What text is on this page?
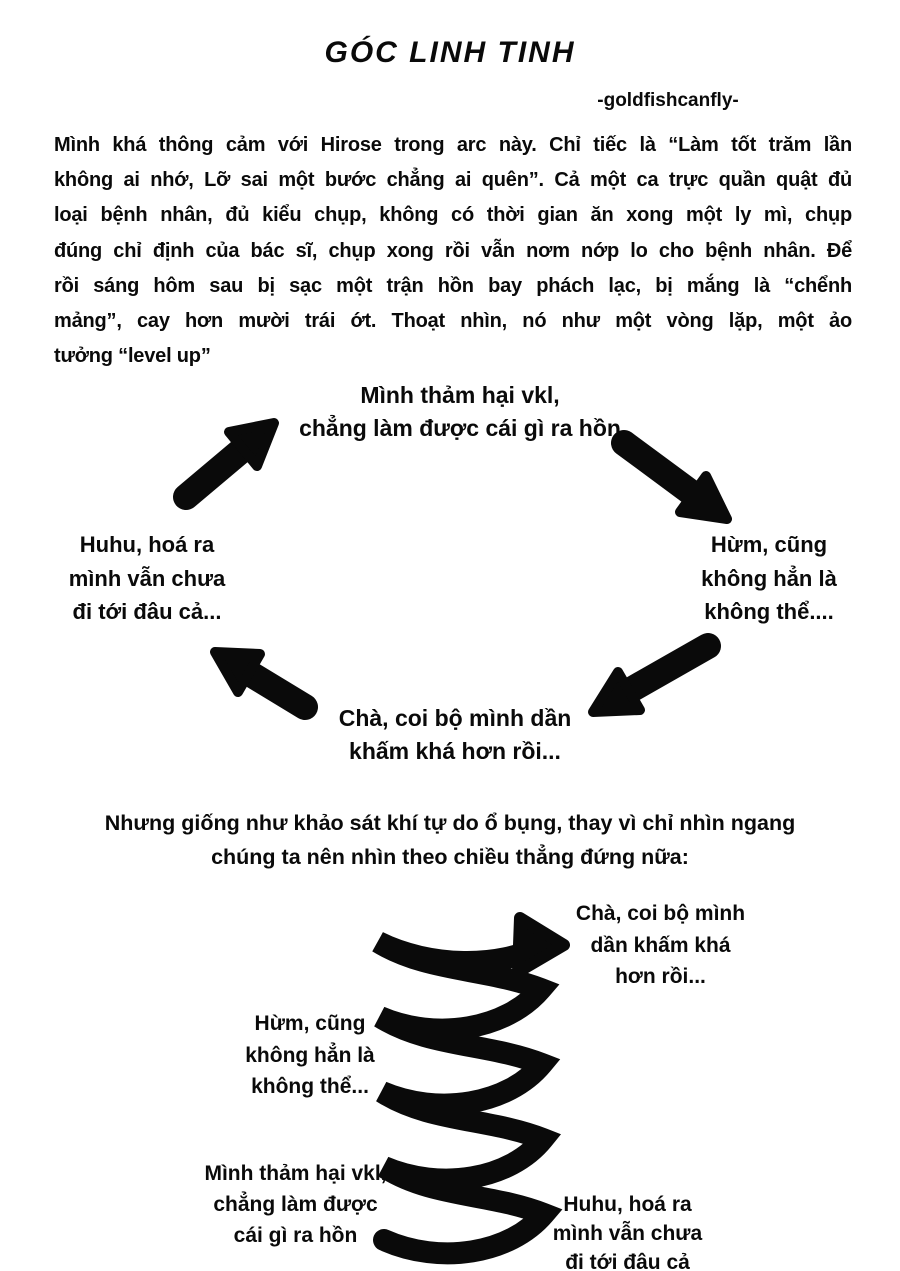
GÓC LINH TINH
-goldfishcanfly-
Mình khá thông cảm với Hirose trong arc này. Chỉ tiếc là “Làm tốt trăm lần
không ai nhớ, Lỡ sai một bước chẳng ai quên”. Cả một ca trực quần quật đủ
loại bệnh nhân, đủ kiểu chụp, không có thời gian ăn xong một ly mì, chụp
đúng chỉ định của bác sĩ, chụp xong rồi vẫn nơm nớp lo cho bệnh nhân. Để
rồi sáng hôm sau bị sạc một trận hồn bay phách lạc, bị mắng là “chểnh
mảng”, cay hơn mười trái ớt. Thoạt nhìn, nó như một vòng lặp, một ảo
tưởng “level up”
Mình thảm hại vkl,
chẳng làm được cái gì ra hồn
Hừm, cũng
không hẳn là
không thể....
Huhu, hoá ra
mình vẫn chưa
đi tới đâu cả...
Chà, coi bộ mình dần
khấm khá hơn rồi...
Nhưng giống như khảo sát khí tự do ổ bụng, thay vì chỉ nhìn ngang
chúng ta nên nhìn theo chiều thẳng đứng nữa:
Chà, coi bộ mình
dần khấm khá
hơn rồi...
Hừm, cũng
không hẳn là
không thể...
Mình thảm hại vkl,
chẳng làm được
cái gì ra hồn
Huhu, hoá ra
mình vẫn chưa
đi tới đâu cả
